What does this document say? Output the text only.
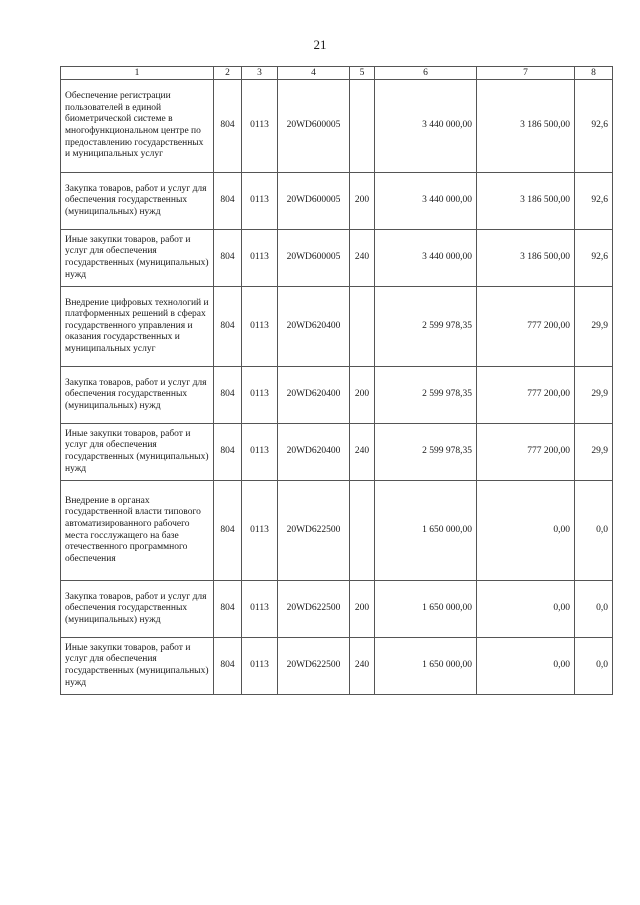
21
1	2	3	4	5	6	7	8
Обеспечение регистрации пользователей в единой биометрической системе в многофункциональном центре по предоставлению государственных и муниципальных услуг	804	0113	20WD600005		3 440 000,00	3 186 500,00	92,6
Закупка товаров, работ и услуг для обеспечения государственных (муниципальных) нужд	804	0113	20WD600005	200	3 440 000,00	3 186 500,00	92,6
Иные закупки товаров, работ и услуг для обеспечения государственных (муниципальных) нужд	804	0113	20WD600005	240	3 440 000,00	3 186 500,00	92,6
Внедрение цифровых технологий и платформенных решений в сферах государственного управления и оказания государственных и муниципальных услуг	804	0113	20WD620400		2 599 978,35	777 200,00	29,9
Закупка товаров, работ и услуг для обеспечения государственных (муниципальных) нужд	804	0113	20WD620400	200	2 599 978,35	777 200,00	29,9
Иные закупки товаров, работ и услуг для обеспечения государственных (муниципальных) нужд	804	0113	20WD620400	240	2 599 978,35	777 200,00	29,9
Внедрение в органах государственной власти типового автоматизированного рабочего места госслужащего на базе отечественного программного обеспечения	804	0113	20WD622500		1 650 000,00	0,00	0,0
Закупка товаров, работ и услуг для обеспечения государственных (муниципальных) нужд	804	0113	20WD622500	200	1 650 000,00	0,00	0,0
Иные закупки товаров, работ и услуг для обеспечения государственных (муниципальных) нужд	804	0113	20WD622500	240	1 650 000,00	0,00	0,0
